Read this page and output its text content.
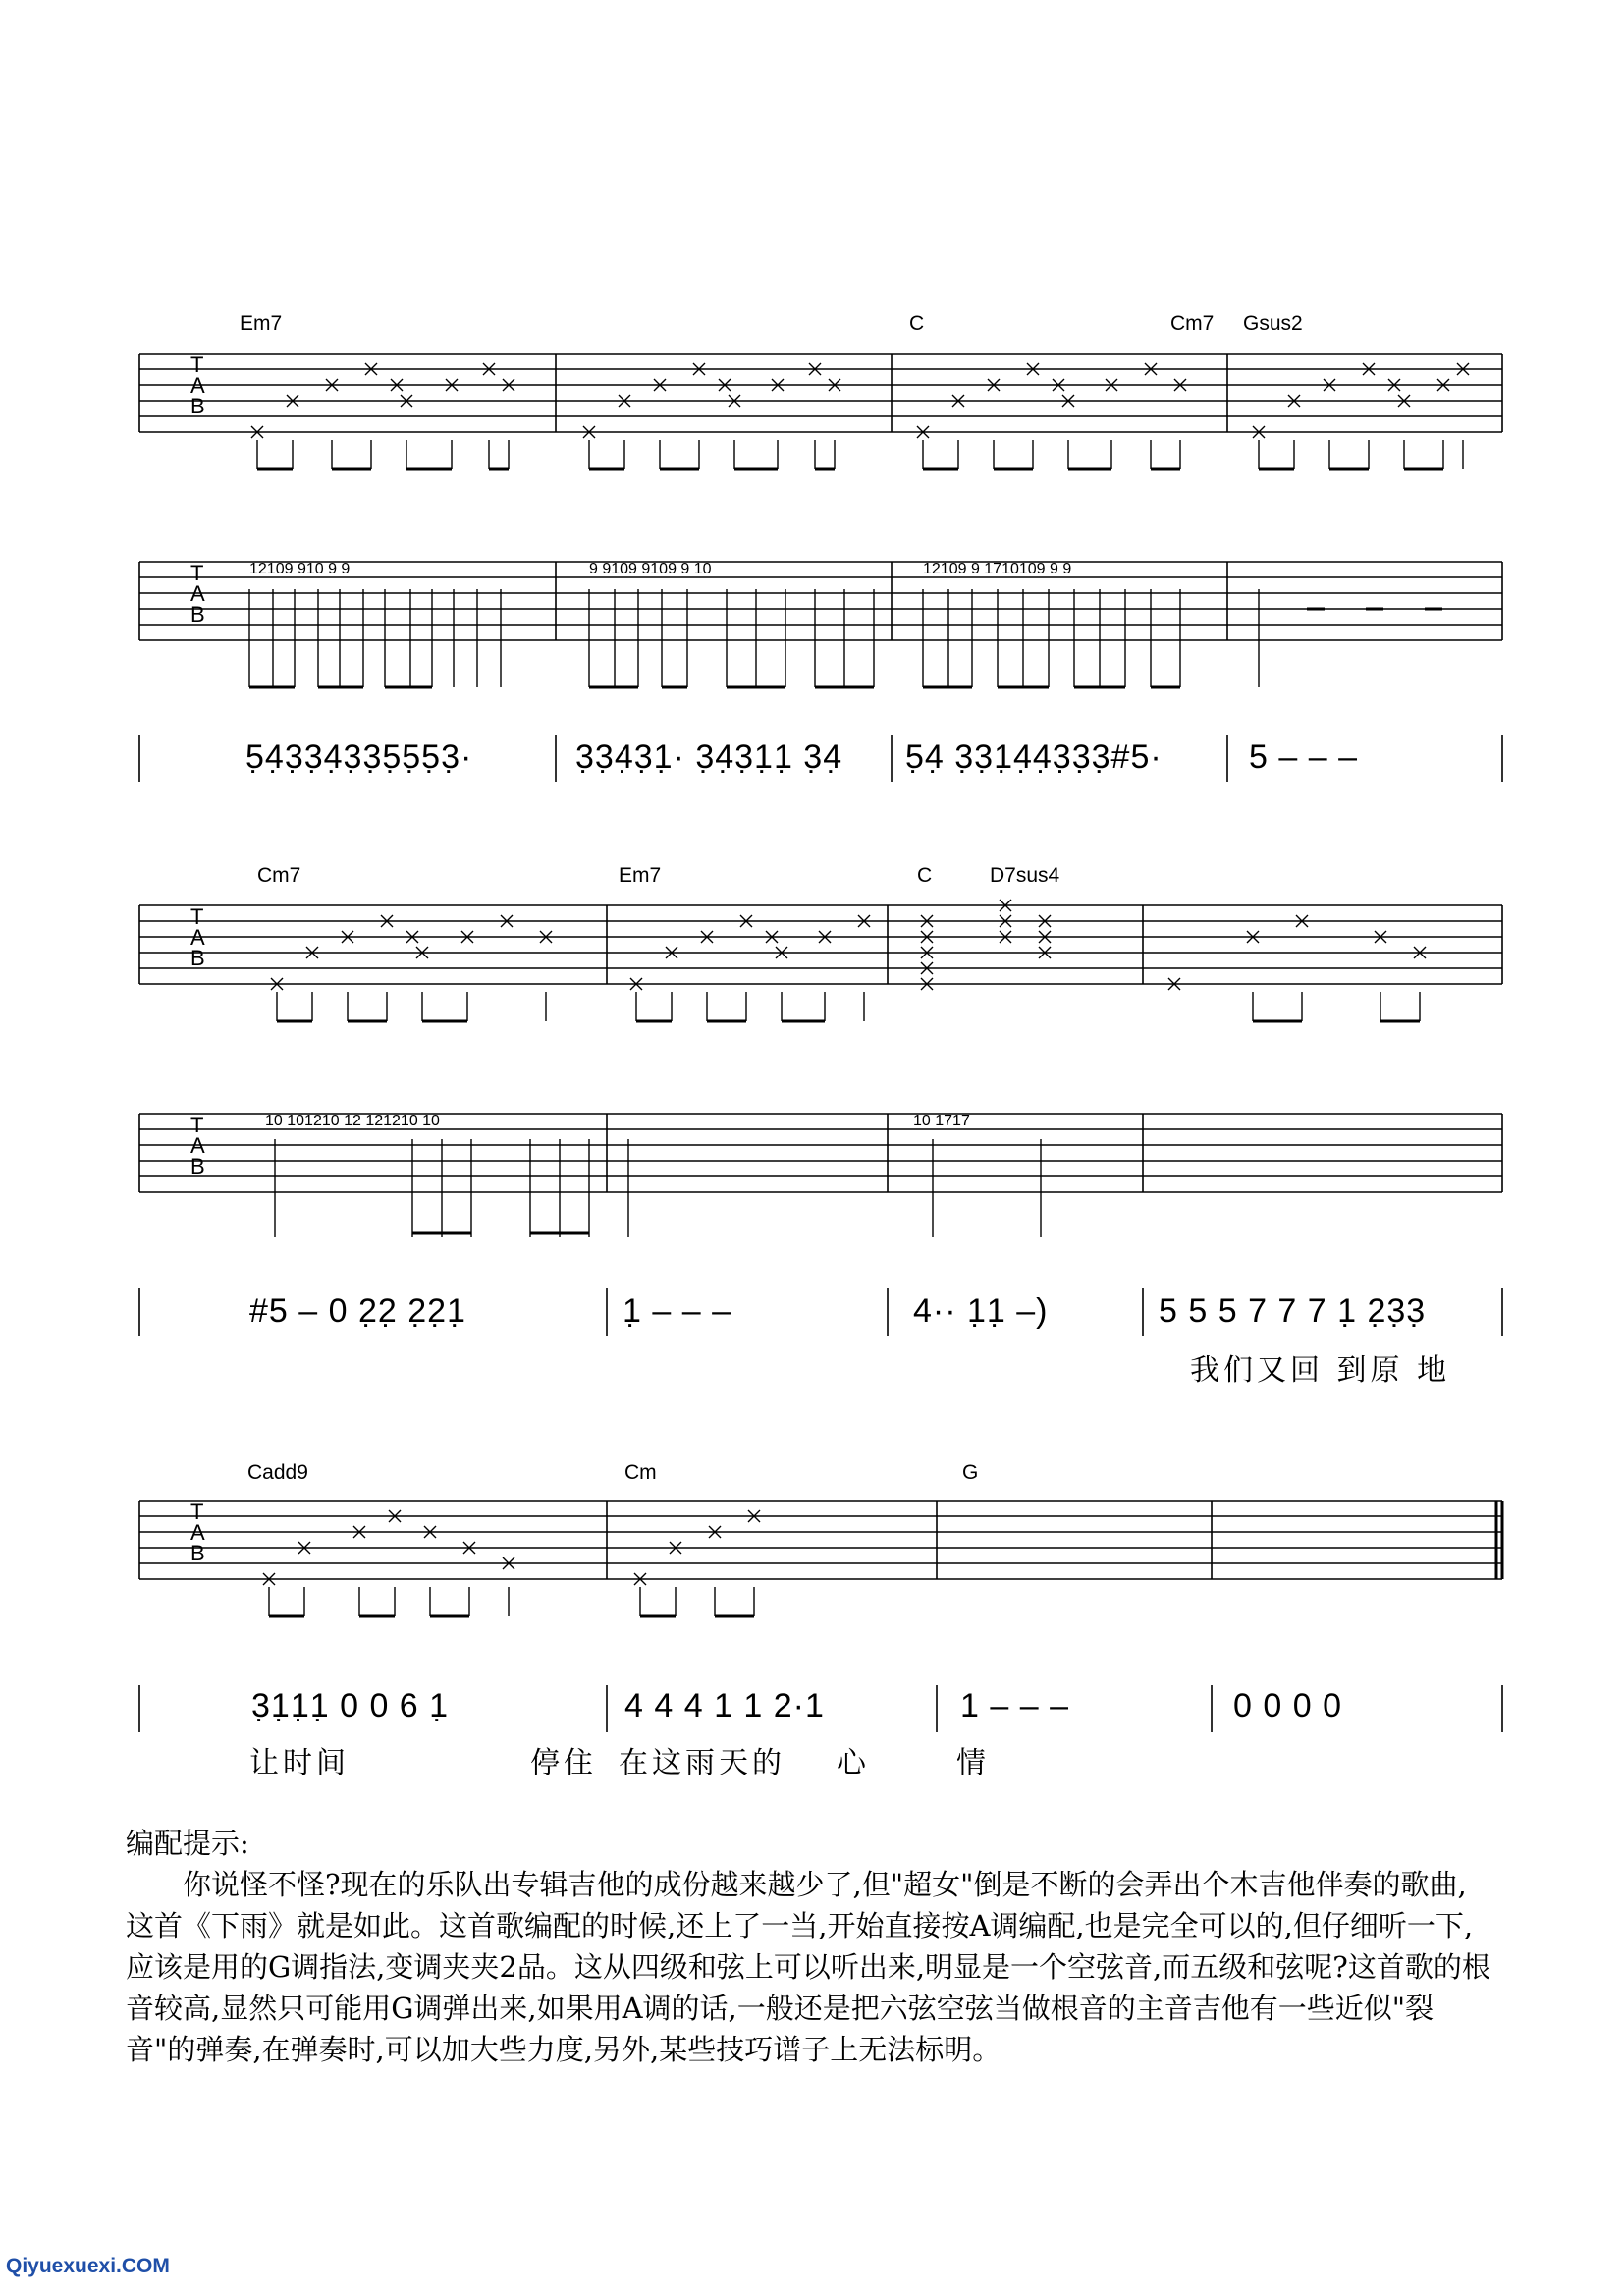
T
A
B
T
A
B
12109 910 9 9	9 9109 9109 9 10	12109 9 1710109 9 9
T
A
B
T
A
B
10 101210 12 121210 10	10 1717
T
A
B
Em7	C	Cm7 Gsus2
5̣4̣3̣3̣4̣3̣3̣5̣5̣5̣3̣·	3̣3̣4̣3̣1̣· 3̣4̣3̣1̣1̣ 3̣4̣ 5̣4̣ 3̣3̣1̣4̣4̣3̣3̣3̣#5·	5 – – –
Cm7	Em7	C	D7sus4
#5 – 0 2̣2̣ 2̣2̣1̣	1̣ – – –	4·· 1̣1̣ –)	5 5 5 7 7 7 1̣ 2̣3̣3̣
我们又回 到原 地
Cadd9	Cm	G
3̣1̣1̣1̣ 0 0 6 1̣	4 4 4 1 1 2·1	1 – – –	0 0 0 0
让时间	停住 在这雨天的 心	情
编配提示:

你说怪不怪?现在的乐队出专辑吉他的成份越来越少了,但"超女"倒是不断的会弄出个木吉他伴奏的歌曲,这首《下雨》就是如此。这首歌编配的时候,还上了一当,开始直接按A调编配,也是完全可以的,但仔细听一下,应该是用的G调指法,变调夹夹2品。这从四级和弦上可以听出来,明显是一个空弦音,而五级和弦呢?这首歌的根音较高,显然只可能用G调弹出来,如果用A调的话,一般还是把六弦空弦当做根音的主音吉他有一些近似"裂音"的弹奏,在弹奏时,可以加大些力度,另外,某些技巧谱子上无法标明。

Qiyuexuexi.COM
